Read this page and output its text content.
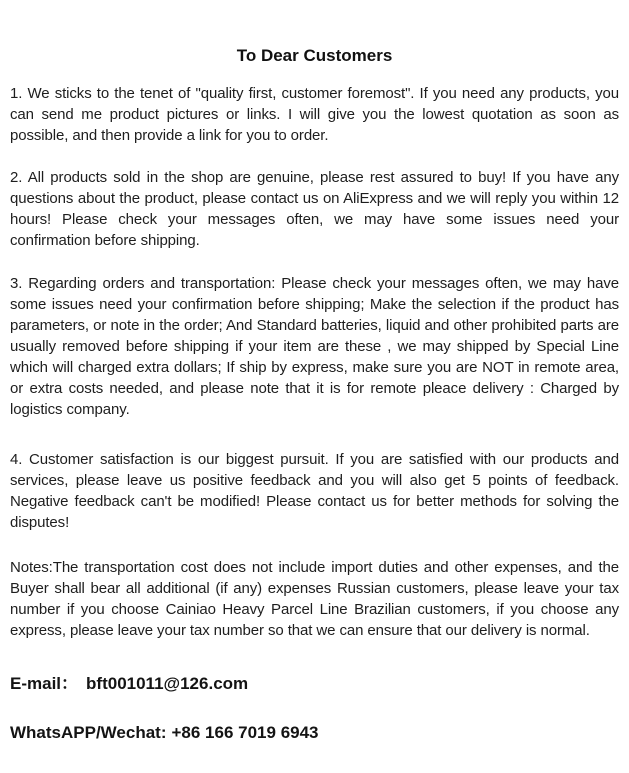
To Dear Customers

1. We sticks to the tenet of "quality first, customer foremost". If you need any products, you can send me product pictures or links. I will give you the lowest quotation as soon as possible, and then provide a link for you to order.

2. All products sold in the shop are genuine, please rest assured to buy! If you have any questions about the product, please contact us on AliExpress and we will reply you within 12 hours! Please check your messages often, we may have some issues need your confirmation before shipping.

3. Regarding orders and transportation: Please check your messages often, we may have some issues need your confirmation before shipping; Make the selection if the product has parameters, or note in the order; And Standard batteries, liquid and other prohibited parts are usually removed before shipping if your item are these , we may shipped by Special Line which will charged extra dollars; If ship by express, make sure you are NOT in remote area, or extra costs needed, and please note that it is for remote pleace delivery : Charged by logistics company.

4. Customer satisfaction is our biggest pursuit. If you are satisfied with our products and services, please leave us positive feedback and you will also get 5 points of feedback. Negative feedback can't be modified! Please contact us for better methods for solving the disputes!

Notes:The transportation cost does not include import duties and other expenses, and the Buyer shall bear all additional (if any) expenses Russian customers, please leave your tax number if you choose Cainiao Heavy Parcel Line Brazilian customers, if you choose any express, please leave your tax number so that we can ensure that our delivery is normal.

E-mail： bft001011@126.com

WhatsAPP/Wechat: +86 166 7019 6943
